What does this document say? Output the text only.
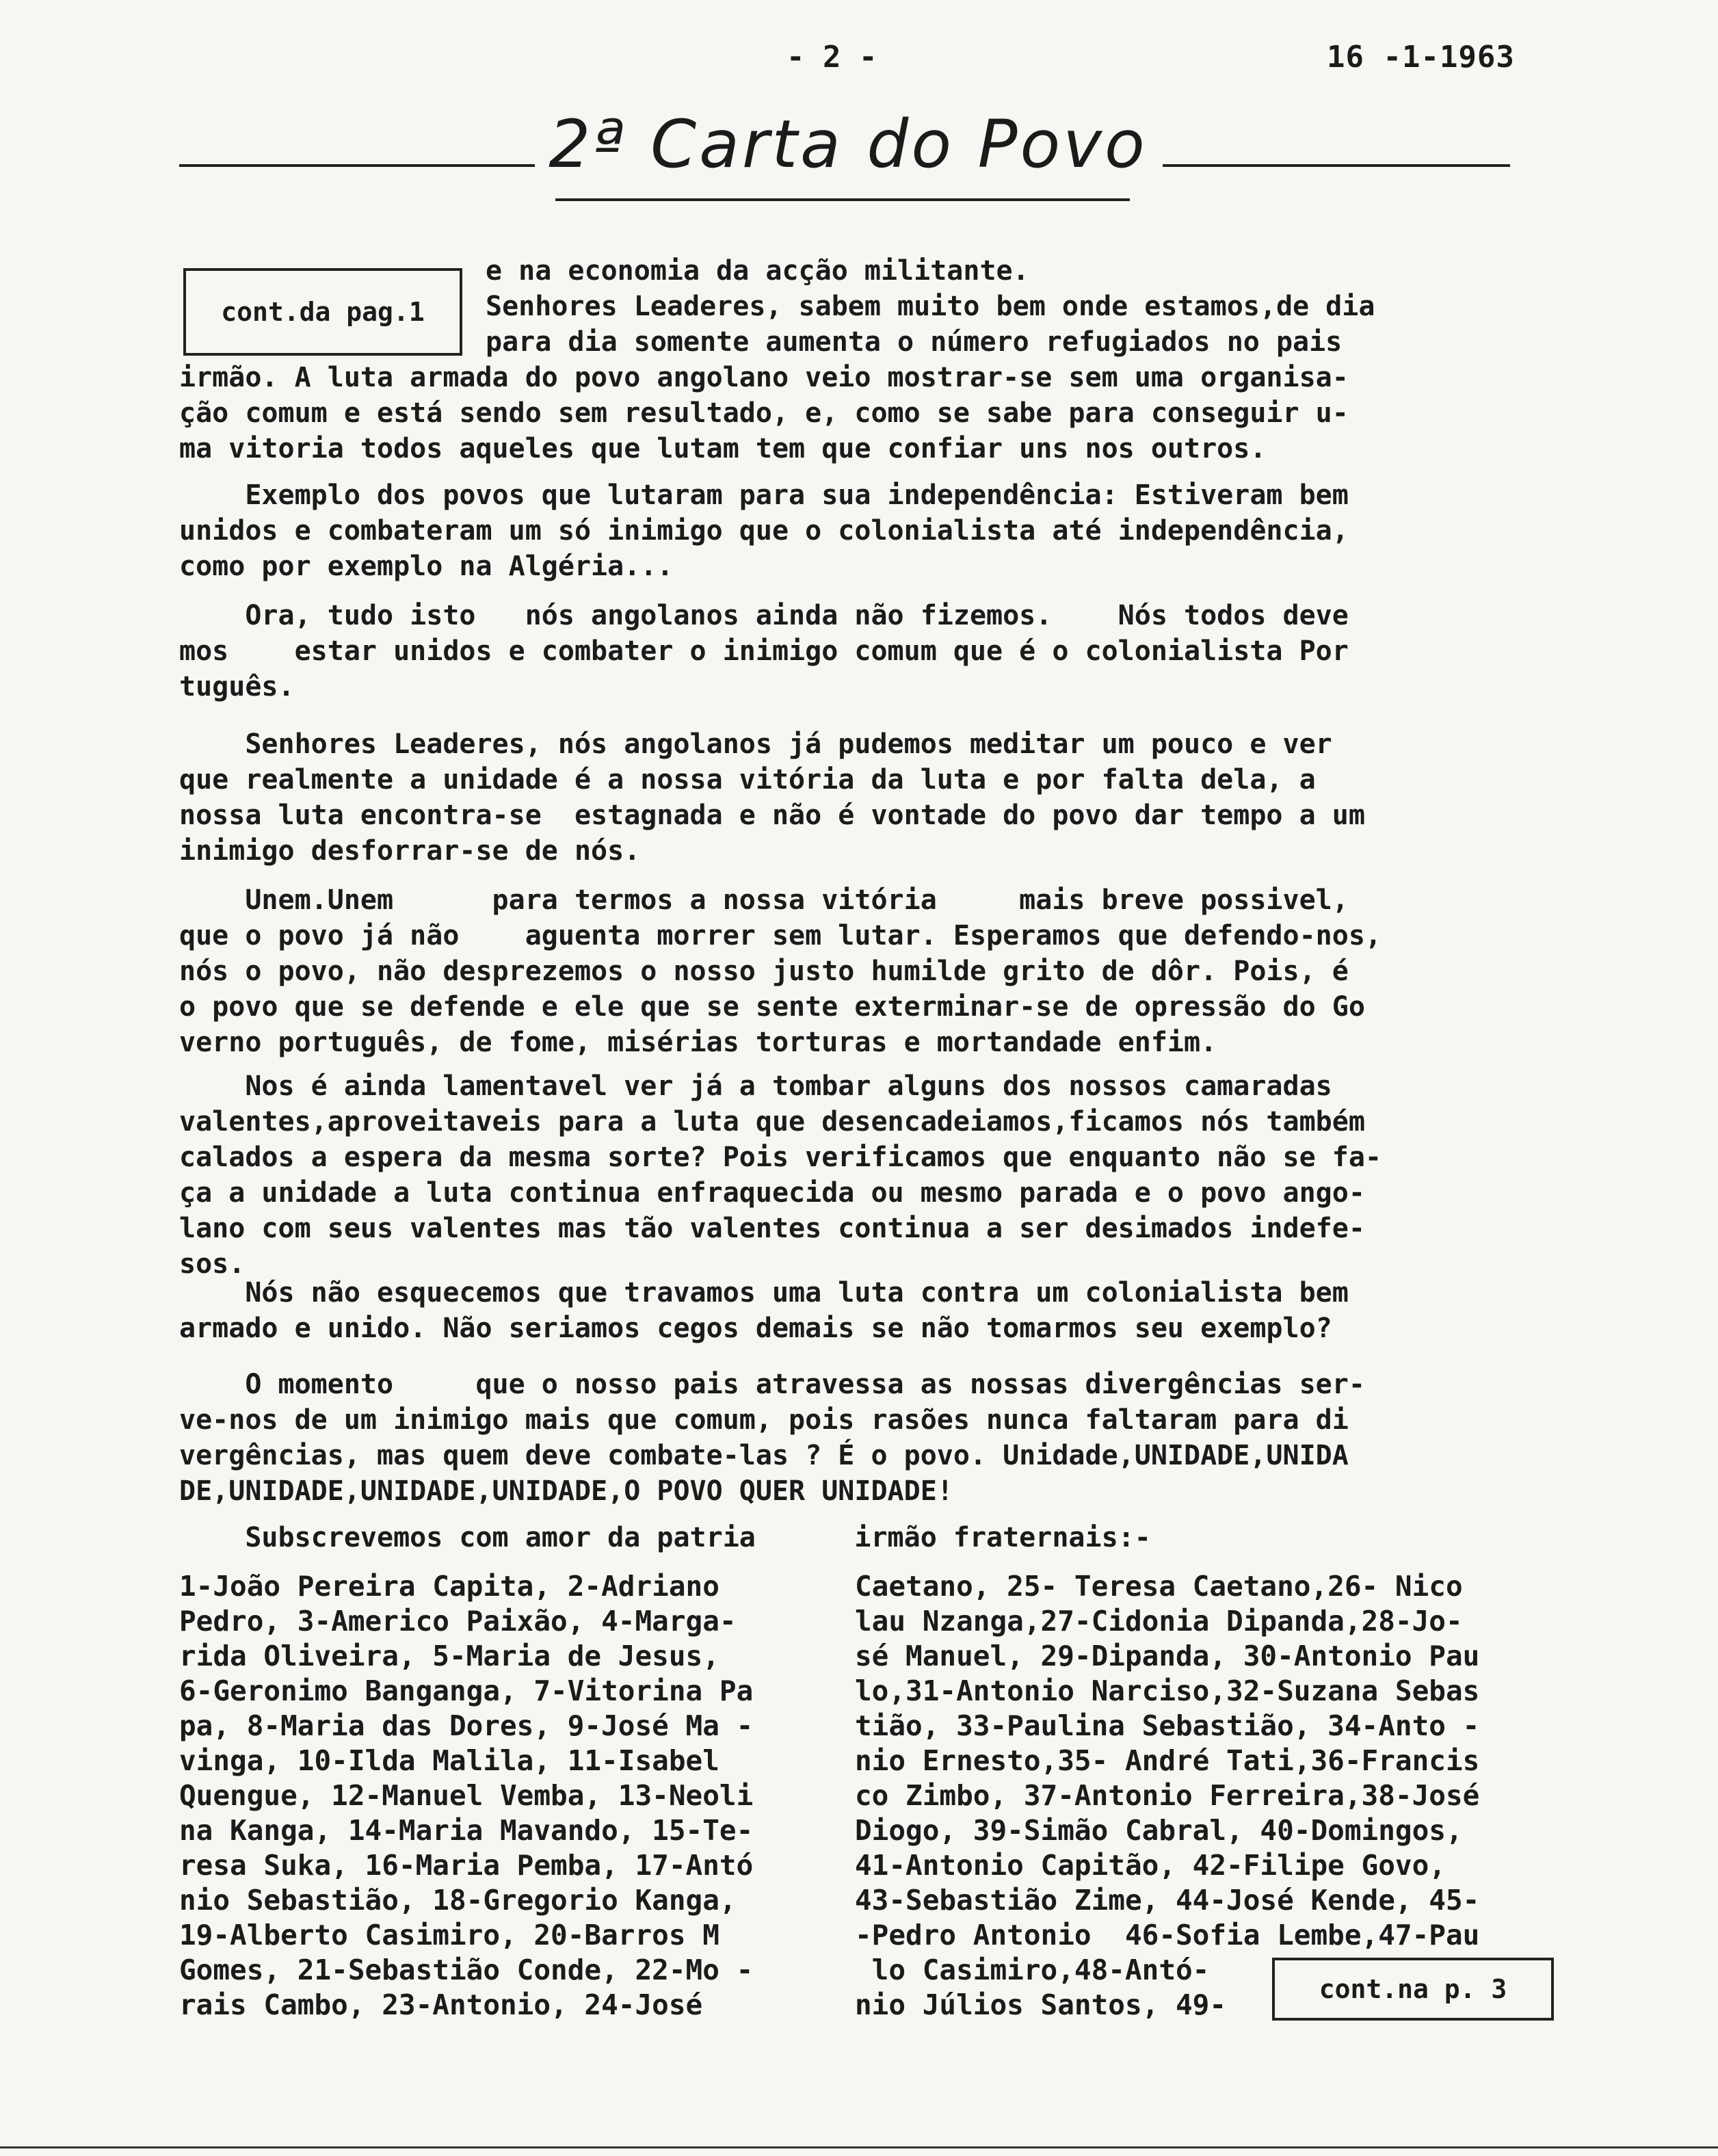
- 2 -	16 -1-1963
2ª Carta do Povo
cont.da pag.1
e na economia da acção militante.
Senhores Leaderes, sabem muito bem onde estamos,de dia
para dia somente aumenta o número refugiados no pais
irmão. A luta armada do povo angolano veio mostrar-se sem uma organisa-
ção comum e está sendo sem resultado, e, como se sabe para conseguir u-
ma vitoria todos aqueles que lutam tem que confiar uns nos outros.
Exemplo dos povos que lutaram para sua independência: Estiveram bem
unidos e combateram um só inimigo que o colonialista até independência,
como por exemplo na Algéria...
Ora, tudo isto   nós angolanos ainda não fizemos.    Nós todos deve
mos    estar unidos e combater o inimigo comum que é o colonialista Por
tuguês.
Senhores Leaderes, nós angolanos já pudemos meditar um pouco e ver
que realmente a unidade é a nossa vitória da luta e por falta dela, a
nossa luta encontra-se  estagnada e não é vontade do povo dar tempo a um
inimigo desforrar-se de nós.
Unem.Unem      para termos a nossa vitória     mais breve possivel,
que o povo já não    aguenta morrer sem lutar. Esperamos que defendo-nos,
nós o povo, não desprezemos o nosso justo humilde grito de dôr. Pois, é
o povo que se defende e ele que se sente exterminar-se de opressão do Go
verno português, de fome, misérias torturas e mortandade enfim.
Nos é ainda lamentavel ver já a tombar alguns dos nossos camaradas
valentes,aproveitaveis para a luta que desencadeiamos,ficamos nós também
calados a espera da mesma sorte? Pois verificamos que enquanto não se fa-
ça a unidade a luta continua enfraquecida ou mesmo parada e o povo ango-
lano com seus valentes mas tão valentes continua a ser desimados indefe-
sos.
Nós não esquecemos que travamos uma luta contra um colonialista bem
armado e unido. Não seriamos cegos demais se não tomarmos seu exemplo?
O momento     que o nosso pais atravessa as nossas divergências ser-
ve-nos de um inimigo mais que comum, pois rasões nunca faltaram para di
vergências, mas quem deve combate-las ? É o povo. Unidade,UNIDADE,UNIDA
DE,UNIDADE,UNIDADE,UNIDADE,O POVO QUER UNIDADE!
Subscrevemos com amor da patria      irmão fraternais:-
1-João Pereira Capita, 2-Adriano
Pedro, 3-Americo Paixão, 4-Marga-
rida Oliveira, 5-Maria de Jesus,
6-Geronimo Banganga, 7-Vitorina Pa
pa, 8-Maria das Dores, 9-José Ma -
vinga, 10-Ilda Malila, 11-Isabel
Quengue, 12-Manuel Vemba, 13-Neoli
na Kanga, 14-Maria Mavando, 15-Te-
resa Suka, 16-Maria Pemba, 17-Antó
nio Sebastião, 18-Gregorio Kanga,
19-Alberto Casimiro, 20-Barros M
Gomes, 21-Sebastião Conde, 22-Mo -
rais Cambo, 23-Antonio, 24-José
Caetano, 25- Teresa Caetano,26- Nico
lau Nzanga,27-Cidonia Dipanda,28-Jo-
sé Manuel, 29-Dipanda, 30-Antonio Pau
lo,31-Antonio Narciso,32-Suzana Sebas
tião, 33-Paulina Sebastião, 34-Anto -
nio Ernesto,35- André Tati,36-Francis
co Zimbo, 37-Antonio Ferreira,38-José
Diogo, 39-Simão Cabral, 40-Domingos,
41-Antonio Capitão, 42-Filipe Govo,
43-Sebastião Zime, 44-José Kende, 45-
-Pedro Antonio  46-Sofia Lembe,47-Pau
lo Casimiro,48-Antó-
nio Júlios Santos, 49-	cont.na p. 3
